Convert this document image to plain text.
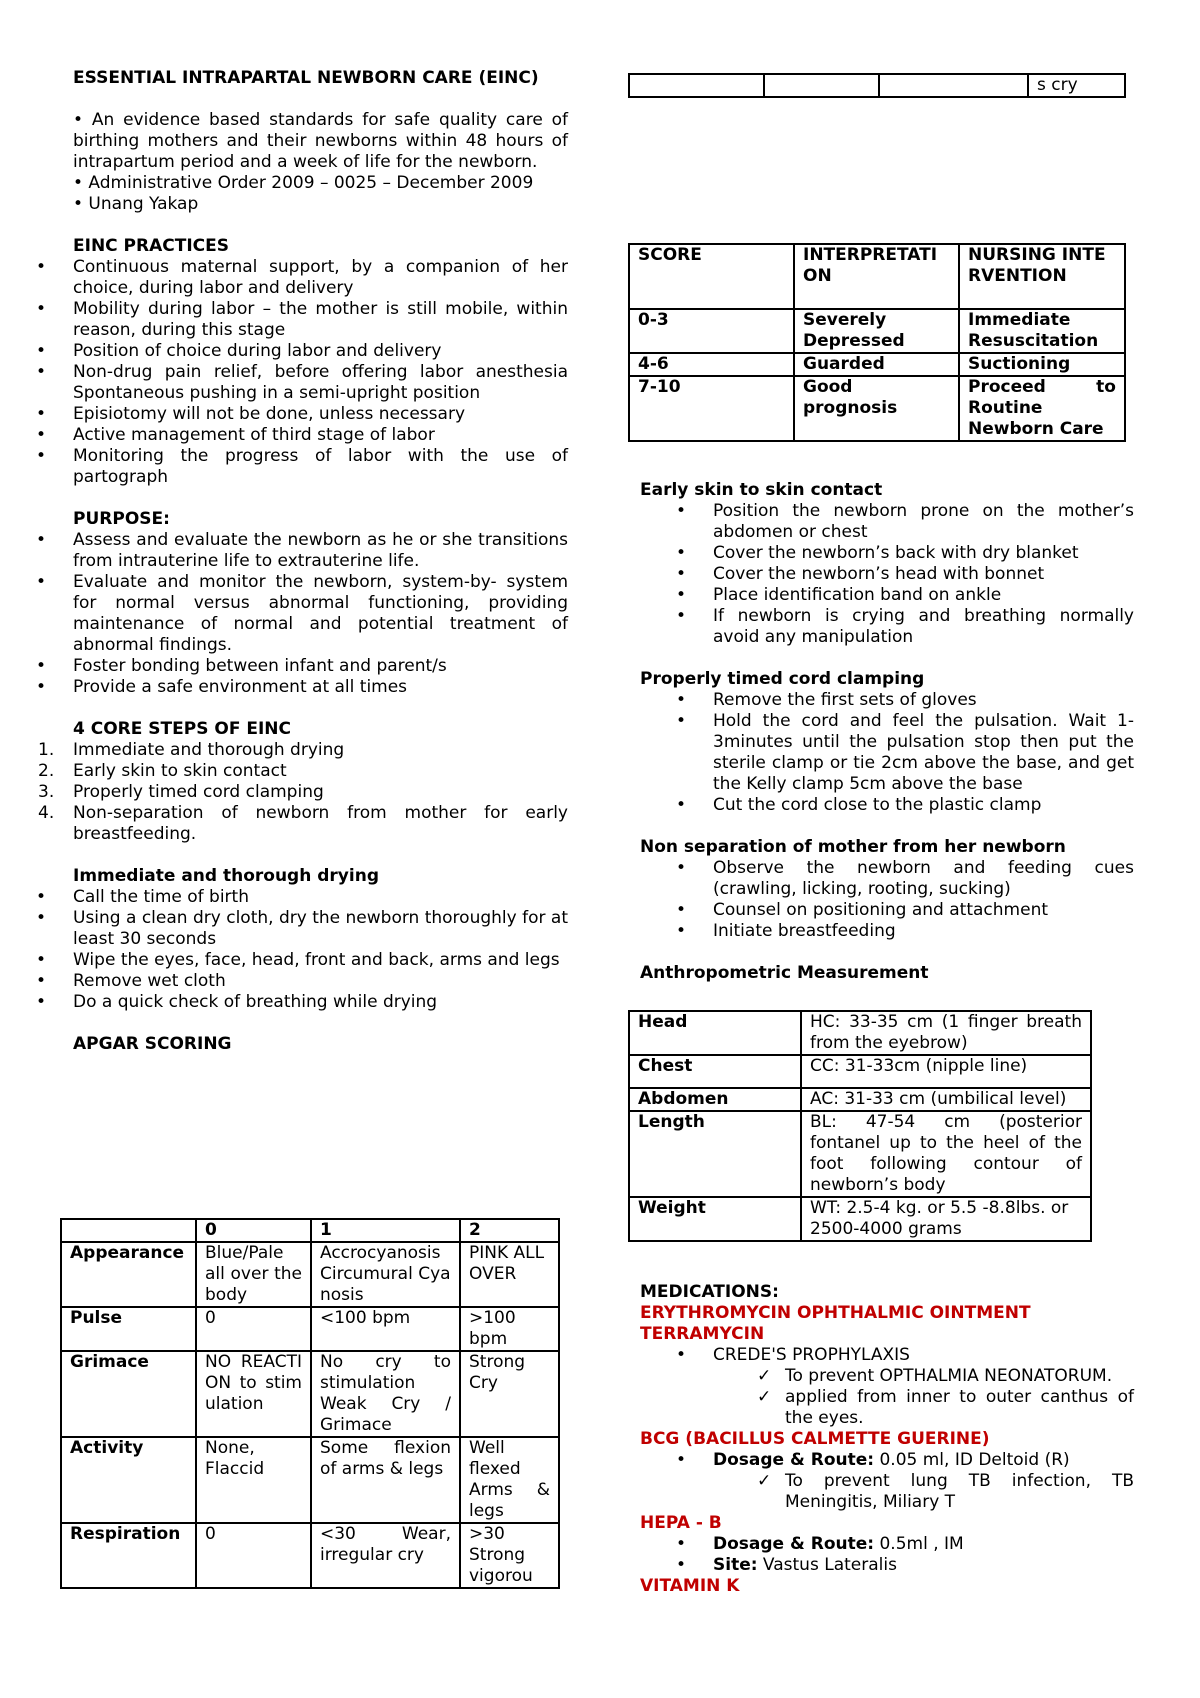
ESSENTIAL INTRAPARTAL NEWBORN CARE (EINC)

• An evidence based standards for safe quality care of birthing mothers and their newborns within 48 hours of intrapartum period and a week of life for the newborn.

• Administrative Order 2009 – 0025 – December 2009

• Unang Yakap

EINC PRACTICES

• Continuous maternal support, by a companion of her choice, during labor and delivery
• Mobility during labor – the mother is still mobile, within reason, during this stage
• Position of choice during labor and delivery
• Non-drug pain relief, before offering labor anesthesia Spontaneous pushing in a semi-upright position
• Episiotomy will not be done, unless necessary
• Active management of third stage of labor
• Monitoring the progress of labor with the use of partograph

PURPOSE:

• Assess and evaluate the newborn as he or she transitions from intrauterine life to extrauterine life.
• Evaluate and monitor the newborn, system-by- system for normal versus abnormal functioning, providing maintenance of normal and potential treatment of abnormal findings.
• Foster bonding between infant and parent/s
• Provide a safe environment at all times

4 CORE STEPS OF EINC

1. Immediate and thorough drying
2. Early skin to skin contact
3. Properly timed cord clamping
4. Non-separation of newborn from mother for early breastfeeding.

Immediate and thorough drying

• Call the time of birth
• Using a clean dry cloth, dry the newborn thoroughly for at least 30 seconds
• Wipe the eyes, face, head, front and back, arms and legs
• Remove wet cloth
• Do a quick check of breathing while drying

APGAR SCORING

	0	1	2
Appearance	Blue/Pale all over the body	Accrocyanosis Circumural Cyanosis	PINK ALL OVER
Pulse	0	<100 bpm	>100 bpm
Grimace	NO REACTION to stimulation	No cry to stimulation Weak Cry / Grimace	Strong Cry
Activity	None, Flaccid	Some flexion of arms & legs	Well flexed Arms & legs
Respiration	0	<30 Wear, irregular cry	>30 Strong vigorou
			s cry
SCORE	INTERPRETATION	NURSING INTERVENTION
0-3	Severely Depressed	Immediate Resuscitation
4-6	Guarded	Suctioning
7-10	Good prognosis	Proceed to Routine Newborn Care

Early skin to skin contact

• Position the newborn prone on the mother’s abdomen or chest
• Cover the newborn’s back with dry blanket
• Cover the newborn’s head with bonnet
• Place identification band on ankle
• If newborn is crying and breathing normally avoid any manipulation

Properly timed cord clamping

• Remove the first sets of gloves
• Hold the cord and feel the pulsation. Wait 1-3minutes until the pulsation stop then put the sterile clamp or tie 2cm above the base, and get the Kelly clamp 5cm above the base
• Cut the cord close to the plastic clamp

Non separation of mother from her newborn

• Observe the newborn and feeding cues (crawling, licking, rooting, sucking)
• Counsel on positioning and attachment
• Initiate breastfeeding

Anthropometric Measurement

Head	HC: 33-35 cm (1 finger breath from the eyebrow)
Chest	CC: 31-33cm (nipple line)
Abdomen	AC: 31-33 cm (umbilical level)
Length	BL: 47-54 cm (posterior fontanel up to the heel of the foot following contour of newborn’s body
Weight	WT: 2.5-4 kg. or 5.5 -8.8lbs. or 2500-4000 grams

MEDICATIONS:

ERYTHROMYCIN OPHTHALMIC OINTMENT

TERRAMYCIN

• CREDE'S PROPHYLAXIS
✓ To prevent OPTHALMIA NEONATORUM.
✓ applied from inner to outer canthus of the eyes.

BCG (BACILLUS CALMETTE GUERINE)

• Dosage & Route: 0.05 ml, ID Deltoid (R)
✓ To prevent lung TB infection, TB Meningitis, Miliary T

HEPA - B

• Dosage & Route: 0.5ml , IM
• Site: Vastus Lateralis

VITAMIN K
